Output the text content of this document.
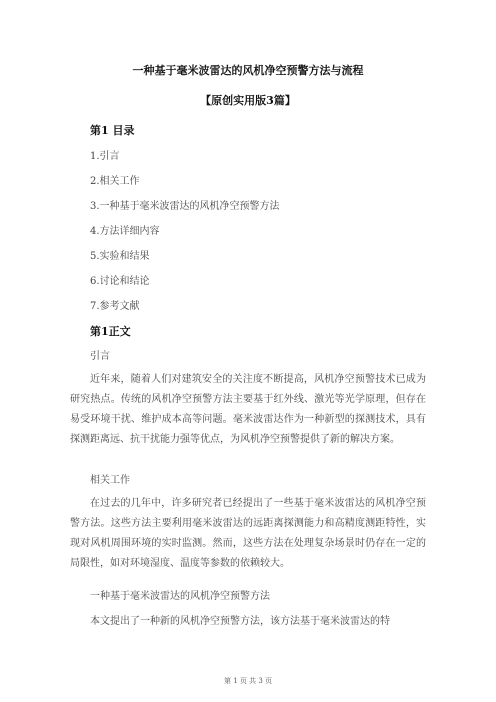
一种基于毫米波雷达的风机净空预警方法与流程
【原创实用版3篇】
第1 目录
1.引言
2.相关工作
3.一种基于毫米波雷达的风机净空预警方法
4.方法详细内容
5.实验和结果
6.讨论和结论
7.参考文献
第1正文
引言
近年来，随着人们对建筑安全的关注度不断提高，风机净空预警技术已成为研究热点。传统的风机净空预警方法主要基于红外线、激光等光学原理，但存在易受环境干扰、维护成本高等问题。毫米波雷达作为一种新型的探测技术，具有探测距离远、抗干扰能力强等优点，为风机净空预警提供了新的解决方案。
相关工作
在过去的几年中，许多研究者已经提出了一些基于毫米波雷达的风机净空预警方法。这些方法主要利用毫米波雷达的远距离探测能力和高精度测距特性，实现对风机周围环境的实时监测。然而，这些方法在处理复杂场景时仍存在一定的局限性，如对环境湿度、温度等参数的依赖较大。
一种基于毫米波雷达的风机净空预警方法
本文提出了一种新的风机净空预警方法，该方法基于毫米波雷达的特
第 1 页 共 3 页
